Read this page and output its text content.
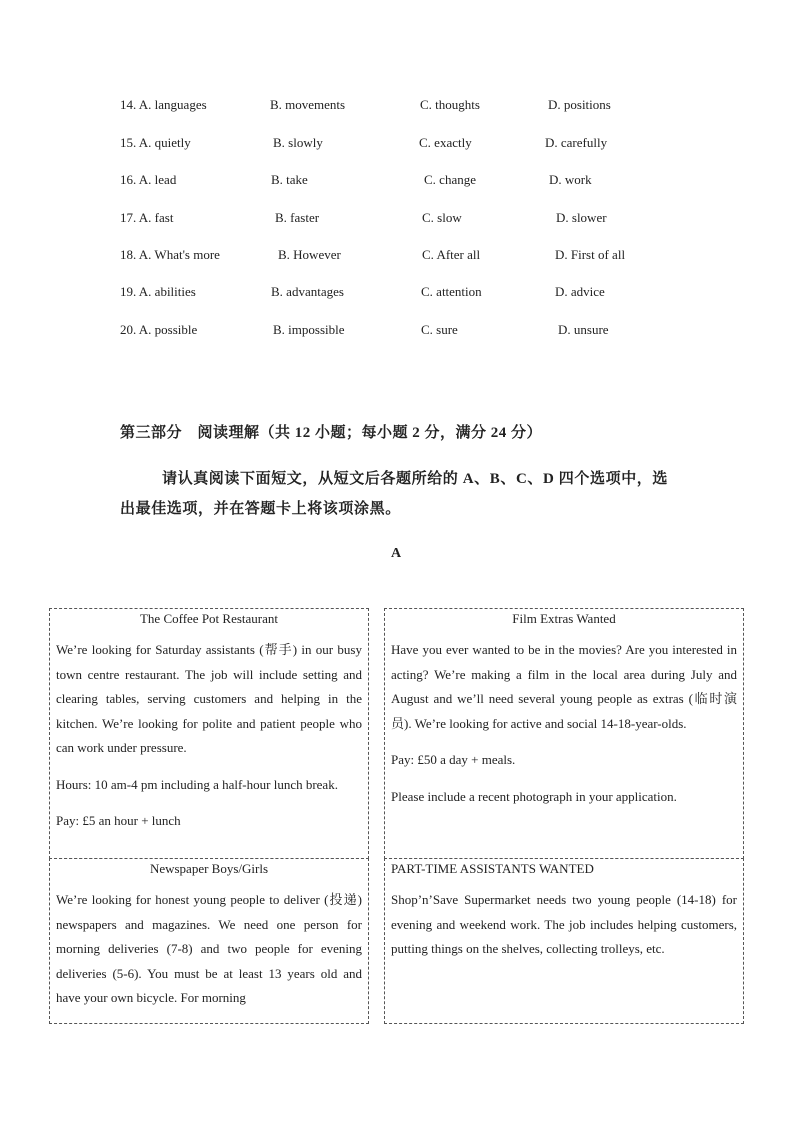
14. A. languages	B. movements	C. thoughts	D. positions
15. A. quietly	B. slowly	C. exactly	D. carefully
16. A. lead	B. take	C. change	D. work
17. A. fast	B. faster	C. slow	D. slower
18. A. What's more	B. However	C. After all	D. First of all
19. A. abilities	B. advantages	C. attention	D. advice
20. A. possible	B. impossible	C. sure	D. unsure
第三部分　阅读理解（共 12 小题；每小题 2 分，满分 24 分）
请认真阅读下面短文，从短文后各题所给的 A、B、C、D 四个选项中，选出最佳选项，并在答题卡上将该项涂黑。
A
The Coffee Pot Restaurant

We’re looking for Saturday assistants (帮手) in our busy town centre restaurant. The job will include setting and clearing tables, serving customers and helping in the kitchen. We’re looking for polite and patient people who can work under pressure.

Hours: 10 am-4 pm including a half-hour lunch break.

Pay: £5 an hour + lunch

Film Extras Wanted

Have you ever wanted to be in the movies? Are you interested in acting? We’re making a film in the local area during July and August and we’ll need several young people as extras (临时演员). We’re looking for active and social 14-18-year-olds.

Pay: £50 a day + meals.

Please include a recent photograph in your application.

Newspaper Boys/Girls

We’re looking for honest young people to deliver (投递) newspapers and magazines. We need one person for morning deliveries (7-8) and two people for evening deliveries (5-6). You must be at least 13 years old and have your own bicycle. For morning

PART-TIME ASSISTANTS WANTED

Shop’n’Save Supermarket needs two young people (14-18) for evening and weekend work. The job includes helping customers, putting things on the shelves, collecting trolleys, etc.
